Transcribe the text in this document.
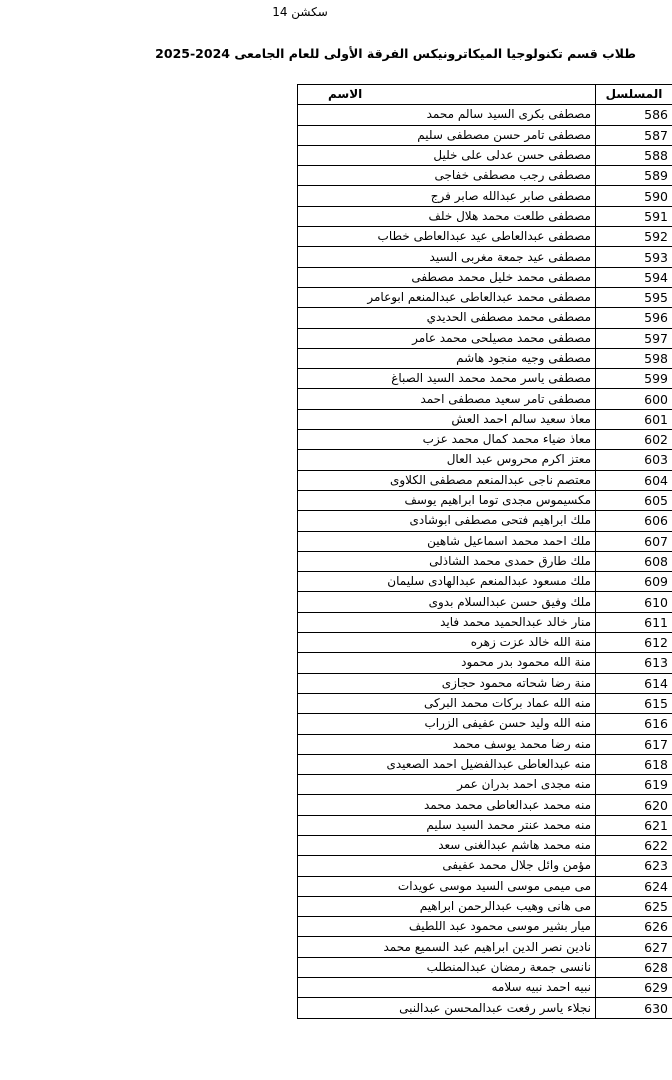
سكشن 14
طلاب قسم تكنولوجيا الميكاترونيكس الفرقة الأولى للعام الجامعى 2024-2025
المسلسل	الاسم
586	مصطفى بكرى السيد سالم محمد
587	مصطفى تامر حسن مصطفى سليم
588	مصطفى حسن عدلى على خليل
589	مصطفى رجب مصطفى خفاجى
590	مصطفى صابر عبدالله صابر فرج
591	مصطفى طلعت محمد هلال خلف
592	مصطفى عبدالعاطى عيد عبدالعاطى خطاب
593	مصطفى عيد جمعة مغربى السيد
594	مصطفى محمد خليل محمد مصطفى
595	مصطفى محمد عبدالعاطى عبدالمنعم ابوعامر
596	مصطفى محمد مصطفى الحديدي
597	مصطفى محمد مصيلحى محمد عامر
598	مصطفى وجيه منجود هاشم
599	مصطفى ياسر محمد محمد السيد الصباغ
600	مصطفى تامر سعيد مصطفى احمد
601	معاذ سعيد سالم احمد العش
602	معاذ ضياء محمد كمال محمد عزب
603	معتز اكرم محروس عبد العال
604	معتصم ناجى عبدالمنعم مصطفى الكلاوى
605	مكسيموس مجدى توما ابراهيم يوسف
606	ملك ابراهيم فتحى مصطفى ابوشادى
607	ملك احمد محمد اسماعيل شاهين
608	ملك طارق حمدى محمد الشاذلى
609	ملك مسعود عبدالمنعم عبدالهادى سليمان
610	ملك وفيق حسن عبدالسلام بدوى
611	منار خالد عبدالحميد محمد فايد
612	منة الله خالد عزت زهره
613	منة الله محمود بدر محمود
614	منة رضا شحاته محمود حجازى
615	منه الله عماد بركات محمد البركى
616	منه الله وليد حسن عفيفى الزراب
617	منه رضا محمد يوسف محمد
618	منه عبدالعاطى عبدالفضيل احمد الصعيدى
619	منه مجدى احمد بدران عمر
620	منه محمد عبدالعاطى محمد محمد
621	منه محمد عنتر محمد السيد سليم
622	منه محمد هاشم عبدالغنى سعد
623	مؤمن وائل جلال محمد عفيفى
624	مى ميمى موسى السيد موسى عويدات
625	مى هانى وهيب عبدالرحمن ابراهيم
626	ميار بشير موسى محمود عبد اللطيف
627	نادين نصر الدين ابراهيم عبد السميع محمد
628	نانسى جمعة رمضان عبدالمنطلب
629	نبيه احمد نبيه سلامه
630	نجلاء ياسر رفعت عبدالمحسن عبدالنبى
